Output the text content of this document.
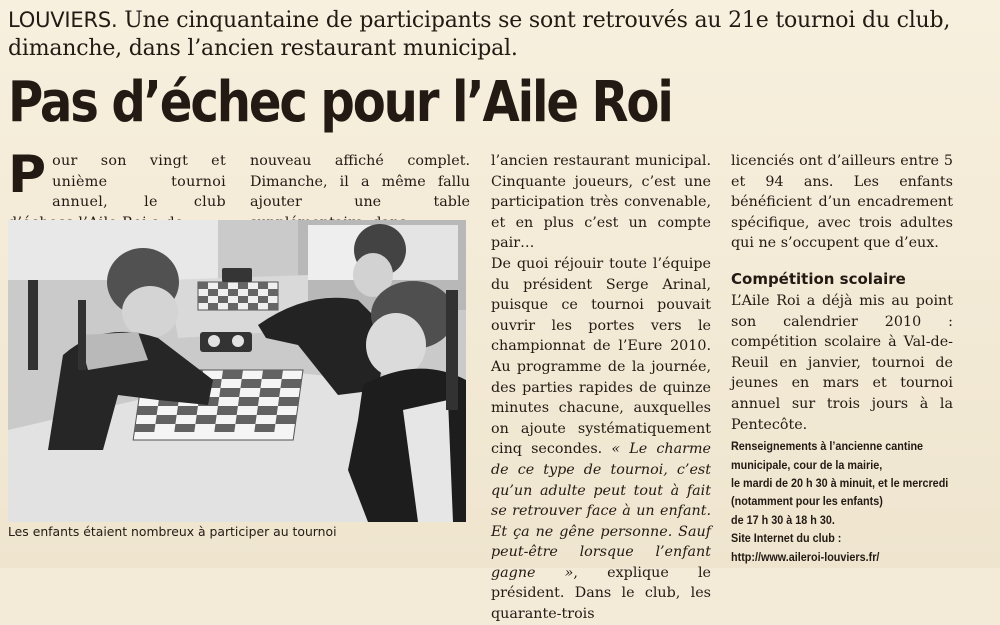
LOUVIERS. Une cinquantaine de participants se sont retrouvés au 21e tournoi du club, dimanche, dans l’ancien restaurant municipal.
Pas d’échec pour l’Aile Roi

Pour son vingt et unième tournoi annuel, le club

nouveau affiché complet. Dimanche, il a même fallu ajouter une table

Les enfants étaient nombreux à participer au tournoi

l’ancien restaurant municipal. Cinquante joueurs, c’est une participation très convenable, et en plus c’est un compte pair…

De quoi réjouir toute l’équipe du président Serge Arinal, puisque ce tournoi pouvait ouvrir les portes vers le championnat de l’Eure 2010. Au programme de la journée, des parties rapides de quinze minutes chacune, auxquelles on ajoute systématiquement cinq secondes. « Le charme de ce type de tournoi, c’est qu’un adulte peut tout à fait se retrouver face à un enfant. Et ça ne gêne personne. Sauf peut-être lorsque l’enfant gagne », explique le président. Dans le club, les quarante-trois

licenciés ont d’ailleurs entre 5 et 94 ans. Les enfants bénéficient d’un encadrement spécifique, avec trois adultes qui ne s’occupent que d’eux.

Compétition scolaire

L’Aile Roi a déjà mis au point son calendrier 2010 : compétition scolaire à Val-de-Reuil en janvier, tournoi de jeunes en mars et tournoi annuel sur trois jours à la Pentecôte.

Renseignements à l’ancienne cantine
municipale, cour de la mairie,
le mardi de 20 h 30 à minuit, et le mercredi
(notamment pour les enfants)
de 17 h 30 à 18 h 30.
Site Internet du club :
http://www.aileroi-louviers.fr/
